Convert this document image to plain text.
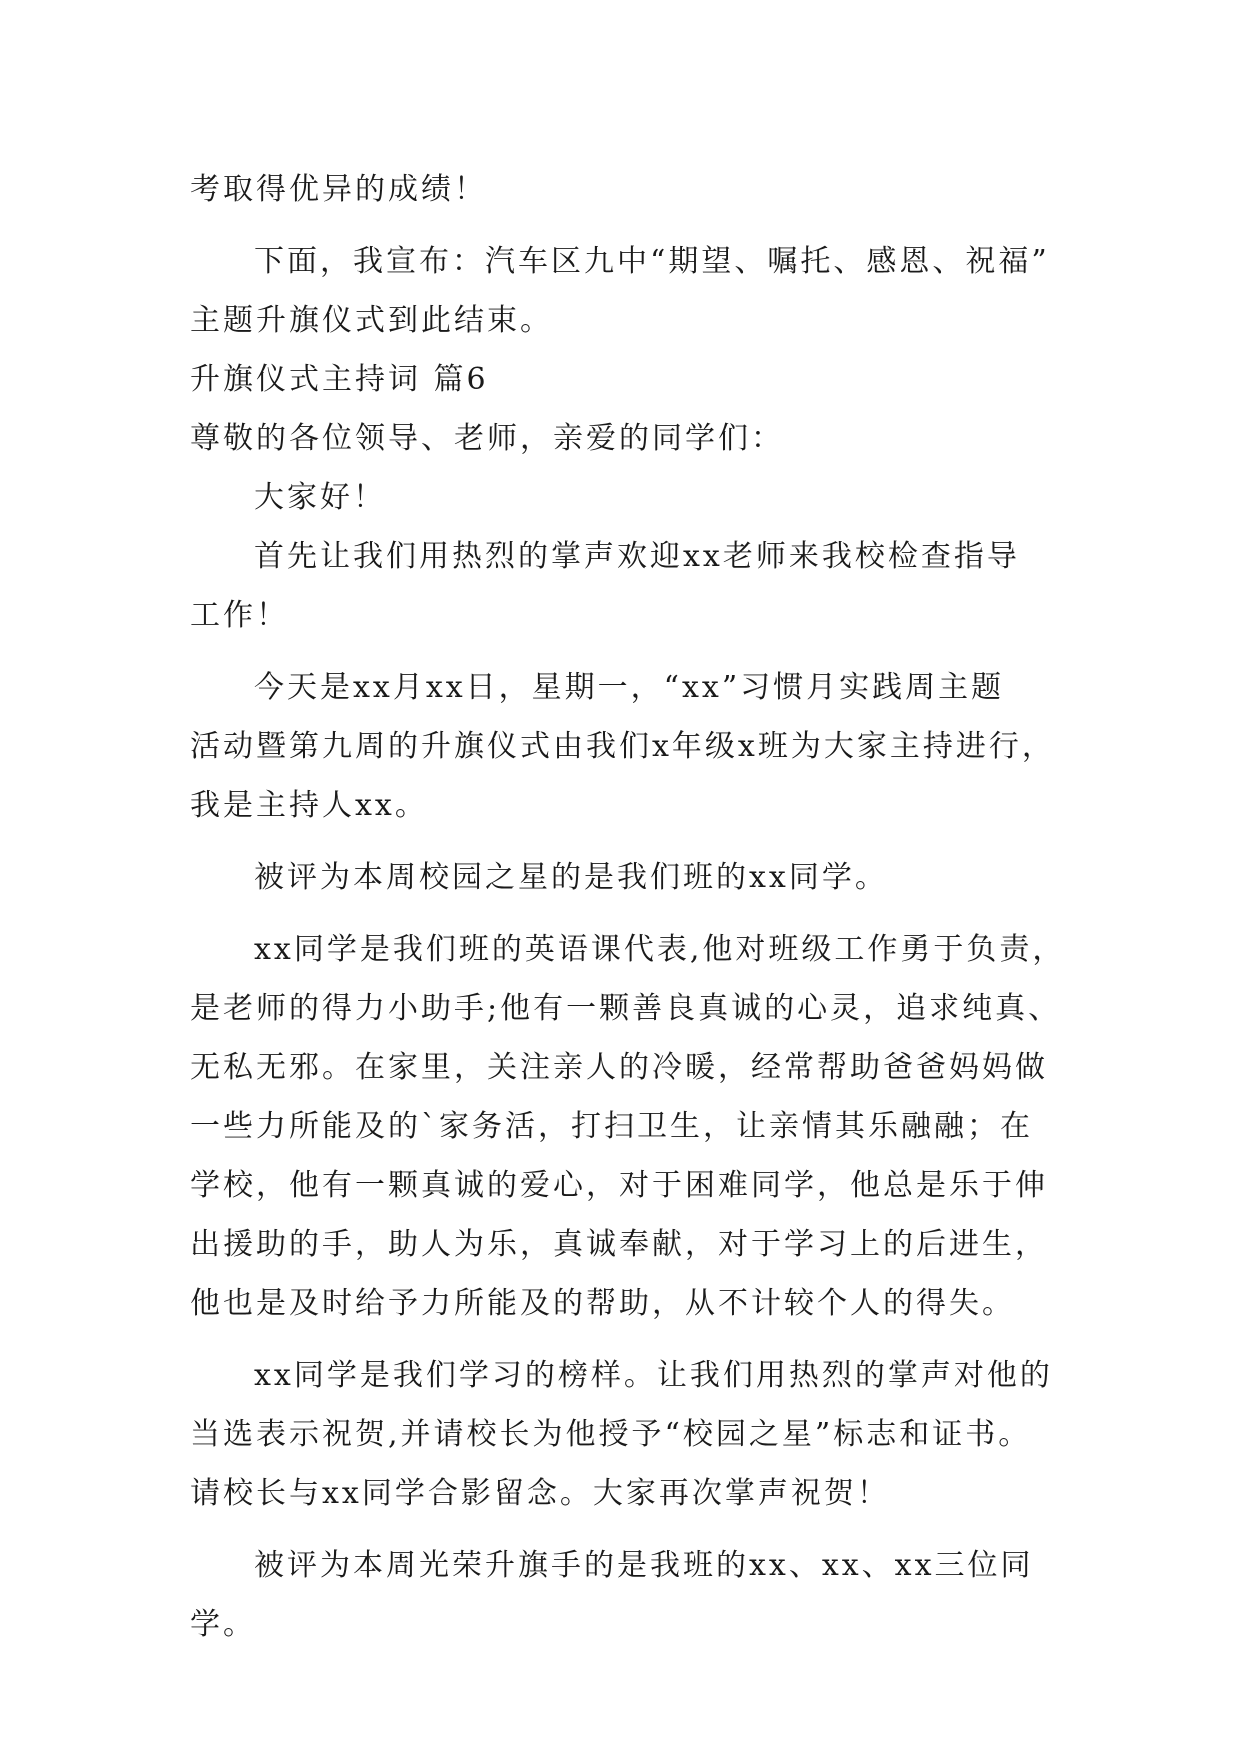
考取得优异的成绩！
下面，我宣布：汽车区九中“期望、嘱托、感恩、祝福”
主题升旗仪式到此结束。
升旗仪式主持词 篇6
尊敬的各位领导、老师，亲爱的同学们：
大家好！
首先让我们用热烈的掌声欢迎xx老师来我校检查指导
工作！
今天是xx月xx日，星期一，“xx”习惯月实践周主题
活动暨第九周的升旗仪式由我们x年级x班为大家主持进行，
我是主持人xx。
被评为本周校园之星的是我们班的xx同学。
xx同学是我们班的英语课代表,他对班级工作勇于负责，
是老师的得力小助手;他有一颗善良真诚的心灵，追求纯真、
无私无邪。在家里，关注亲人的冷暖，经常帮助爸爸妈妈做
一些力所能及的`家务活，打扫卫生，让亲情其乐融融；在
学校，他有一颗真诚的爱心，对于困难同学，他总是乐于伸
出援助的手，助人为乐，真诚奉献，对于学习上的后进生，
他也是及时给予力所能及的帮助，从不计较个人的得失。
xx同学是我们学习的榜样。让我们用热烈的掌声对他的
当选表示祝贺,并请校长为他授予“校园之星”标志和证书。
请校长与xx同学合影留念。大家再次掌声祝贺！
被评为本周光荣升旗手的是我班的xx、xx、xx三位同
学。
